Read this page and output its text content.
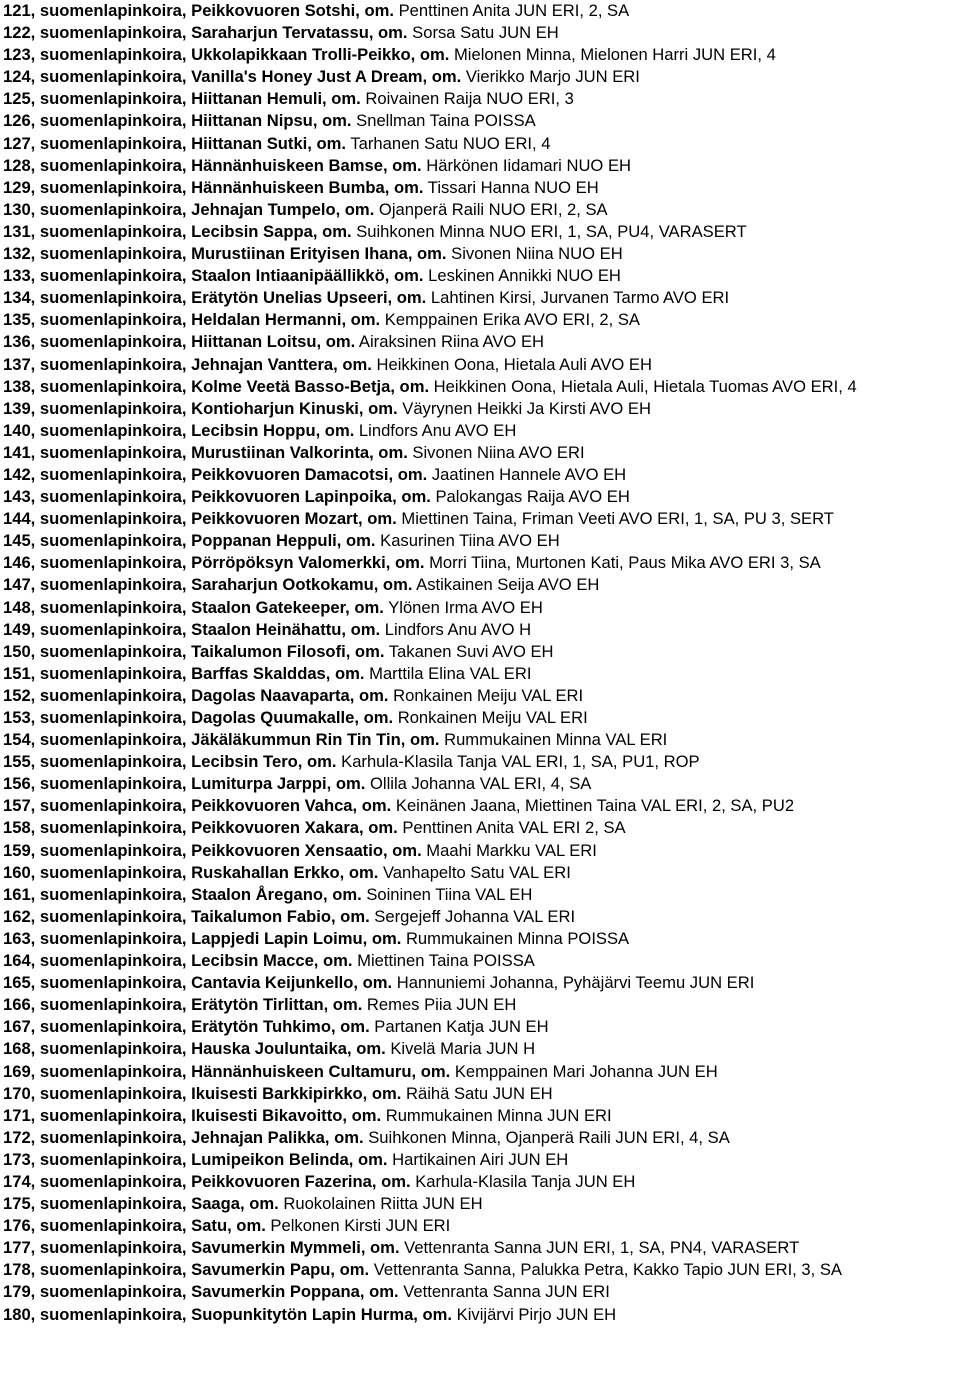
121, suomenlapinkoira, Peikkovuoren Sotshi, om. Penttinen Anita JUN ERI, 2, SA
122, suomenlapinkoira, Saraharjun Tervatassu, om. Sorsa Satu JUN EH
123, suomenlapinkoira, Ukkolapikkaan Trolli-Peikko, om. Mielonen Minna, Mielonen Harri JUN ERI, 4
124, suomenlapinkoira, Vanilla's Honey Just A Dream, om. Vierikko Marjo JUN ERI
125, suomenlapinkoira, Hiittanan Hemuli, om. Roivainen Raija NUO ERI, 3
126, suomenlapinkoira, Hiittanan Nipsu, om. Snellman Taina POISSA
127, suomenlapinkoira, Hiittanan Sutki, om. Tarhanen Satu NUO ERI, 4
128, suomenlapinkoira, Hännänhuiskeen Bamse, om. Härkönen Iidamari NUO EH
129, suomenlapinkoira, Hännänhuiskeen Bumba, om. Tissari Hanna NUO EH
130, suomenlapinkoira, Jehnajan Tumpelo, om. Ojanperä Raili NUO ERI, 2, SA
131, suomenlapinkoira, Lecibsin Sappa, om. Suihkonen Minna NUO ERI, 1, SA, PU4, VARASERT
132, suomenlapinkoira, Murustiinan Erityisen Ihana, om. Sivonen Niina NUO EH
133, suomenlapinkoira, Staalon Intiaanipäällikkö, om. Leskinen Annikki NUO EH
134, suomenlapinkoira, Erätytön Unelias Upseeri, om. Lahtinen Kirsi, Jurvanen Tarmo AVO ERI
135, suomenlapinkoira, Heldalan Hermanni, om. Kemppainen Erika AVO ERI, 2, SA
136, suomenlapinkoira, Hiittanan Loitsu, om. Airaksinen Riina AVO EH
137, suomenlapinkoira, Jehnajan Vanttera, om. Heikkinen Oona, Hietala Auli AVO EH
138, suomenlapinkoira, Kolme Veetä Basso-Betja, om. Heikkinen Oona, Hietala Auli, Hietala Tuomas AVO ERI, 4
139, suomenlapinkoira, Kontioharjun Kinuski, om. Väyrynen Heikki Ja Kirsti AVO EH
140, suomenlapinkoira, Lecibsin Hoppu, om. Lindfors Anu AVO EH
141, suomenlapinkoira, Murustiinan Valkorinta, om. Sivonen Niina AVO ERI
142, suomenlapinkoira, Peikkovuoren Damacotsi, om. Jaatinen Hannele AVO EH
143, suomenlapinkoira, Peikkovuoren Lapinpoika, om. Palokangas Raija AVO EH
144, suomenlapinkoira, Peikkovuoren Mozart, om. Miettinen Taina, Friman Veeti AVO ERI, 1, SA, PU 3, SERT
145, suomenlapinkoira, Poppanan Heppuli, om. Kasurinen Tiina AVO EH
146, suomenlapinkoira, Pörröpöksyn Valomerkki, om. Morri Tiina, Murtonen Kati, Paus Mika AVO ERI 3, SA
147, suomenlapinkoira, Saraharjun Ootkokamu, om. Astikainen Seija AVO EH
148, suomenlapinkoira, Staalon Gatekeeper, om. Ylönen Irma AVO EH
149, suomenlapinkoira, Staalon Heinähattu, om. Lindfors Anu AVO H
150, suomenlapinkoira, Taikalumon Filosofi, om. Takanen Suvi AVO EH
151, suomenlapinkoira, Barffas Skalddas, om. Marttila Elina VAL ERI
152, suomenlapinkoira, Dagolas Naavaparta, om. Ronkainen Meiju VAL ERI
153, suomenlapinkoira, Dagolas Quumakalle, om. Ronkainen Meiju VAL ERI
154, suomenlapinkoira, Jäkäläkummun Rin Tin Tin, om. Rummukainen Minna VAL ERI
155, suomenlapinkoira, Lecibsin Tero, om. Karhula-Klasila Tanja VAL ERI, 1, SA, PU1, ROP
156, suomenlapinkoira, Lumiturpa Jarppi, om. Ollila Johanna VAL ERI, 4, SA
157, suomenlapinkoira, Peikkovuoren Vahca, om. Keinänen Jaana, Miettinen Taina VAL ERI, 2, SA, PU2
158, suomenlapinkoira, Peikkovuoren Xakara, om. Penttinen Anita VAL ERI 2, SA
159, suomenlapinkoira, Peikkovuoren Xensaatio, om. Maahi Markku VAL ERI
160, suomenlapinkoira, Ruskahallan Erkko, om. Vanhapelto Satu VAL ERI
161, suomenlapinkoira, Staalon Åregano, om. Soininen Tiina VAL EH
162, suomenlapinkoira, Taikalumon Fabio, om. Sergejeff Johanna VAL ERI
163, suomenlapinkoira, Lappjedi Lapin Loimu, om. Rummukainen Minna POISSA
164, suomenlapinkoira, Lecibsin Macce, om. Miettinen Taina POISSA
165, suomenlapinkoira, Cantavia Keijunkello, om. Hannuniemi Johanna, Pyhäjärvi Teemu JUN ERI
166, suomenlapinkoira, Erätytön Tirlittan, om. Remes Piia JUN EH
167, suomenlapinkoira, Erätytön Tuhkimo, om. Partanen Katja JUN EH
168, suomenlapinkoira, Hauska Jouluntaika, om. Kivelä Maria JUN H
169, suomenlapinkoira, Hännänhuiskeen Cultamuru, om. Kemppainen Mari Johanna JUN EH
170, suomenlapinkoira, Ikuisesti Barkkipirkko, om. Räihä Satu JUN EH
171, suomenlapinkoira, Ikuisesti Bikavoitto, om. Rummukainen Minna JUN ERI
172, suomenlapinkoira, Jehnajan Palikka, om. Suihkonen Minna, Ojanperä Raili JUN ERI, 4, SA
173, suomenlapinkoira, Lumipeikon Belinda, om. Hartikainen Airi JUN EH
174, suomenlapinkoira, Peikkovuoren Fazerina, om. Karhula-Klasila Tanja JUN EH
175, suomenlapinkoira, Saaga, om. Ruokolainen Riitta JUN EH
176, suomenlapinkoira, Satu, om. Pelkonen Kirsti JUN ERI
177, suomenlapinkoira, Savumerkin Mymmeli, om. Vettenranta Sanna JUN ERI, 1, SA, PN4, VARASERT
178, suomenlapinkoira, Savumerkin Papu, om. Vettenranta Sanna, Palukka Petra, Kakko Tapio JUN ERI, 3, SA
179, suomenlapinkoira, Savumerkin Poppana, om. Vettenranta Sanna JUN ERI
180, suomenlapinkoira, Suopunkitytön Lapin Hurma, om. Kivijärvi Pirjo JUN EH
